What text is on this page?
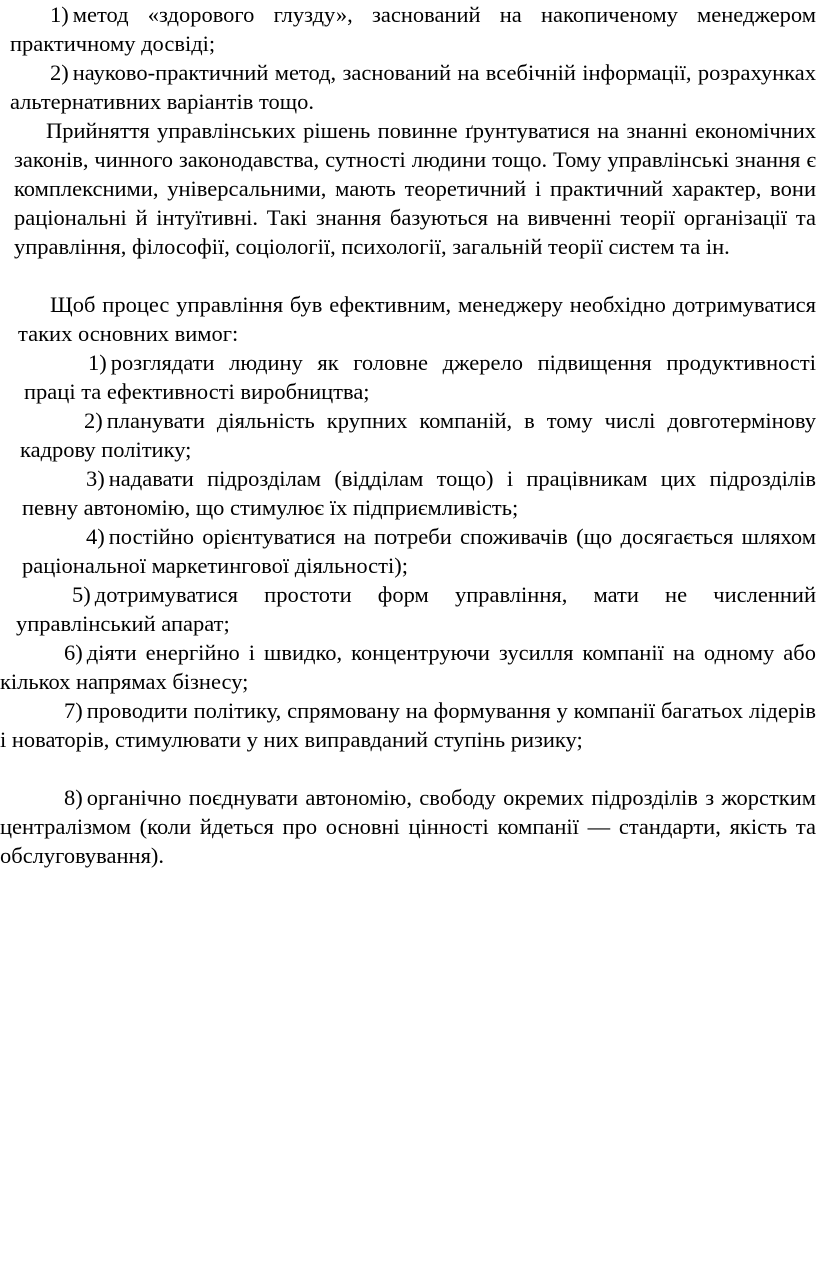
1) метод «здорового глузду», заснований на накопиченому менеджером практичному досвіді;
2) науково-практичний метод, заснований на всебічній інформації, розрахунках альтернативних варіантів тощо.
Прийняття управлінських рішень повинне ґрунтуватися на знанні економічних законів, чинного законодавства, сутності людини тощо. Тому управлінські знання є комплексними, універсальними, мають теоретичний і практичний характер, вони раціональні й інтуїтивні. Такі знання базуються на вивченні теорії організації та управління, філософії, соціології, психології, загальній теорії систем та ін.
Щоб процес управління був ефективним, менеджеру необхідно дотримуватися таких основних вимог:
1) розглядати людину як головне джерело підвищення продуктивності праці та ефективності виробництва;
2) планувати діяльність крупних компаній, в тому числі довготермінову кадрову політику;
3) надавати підрозділам (відділам тощо) і працівникам цих підрозділів певну автономію, що стимулює їх підприємливість;
4) постійно орієнтуватися на потреби споживачів (що досягається шляхом раціональної маркетингової діяльності);
5) дотримуватися простоти форм управління, мати не численний управлінський апарат;
6) діяти енергійно і швидко, концентруючи зусилля компанії на одному або кількох напрямах бізнесу;
7) проводити політику, спрямовану на формування у компанії багатьох лідерів і новаторів, стимулювати у них виправданий ступінь ризику;
8) органічно поєднувати автономію, свободу окремих підрозділів з жорстким централізмом (коли йдеться про основні цінності компанії — стандарти, якість та обслуговування).
